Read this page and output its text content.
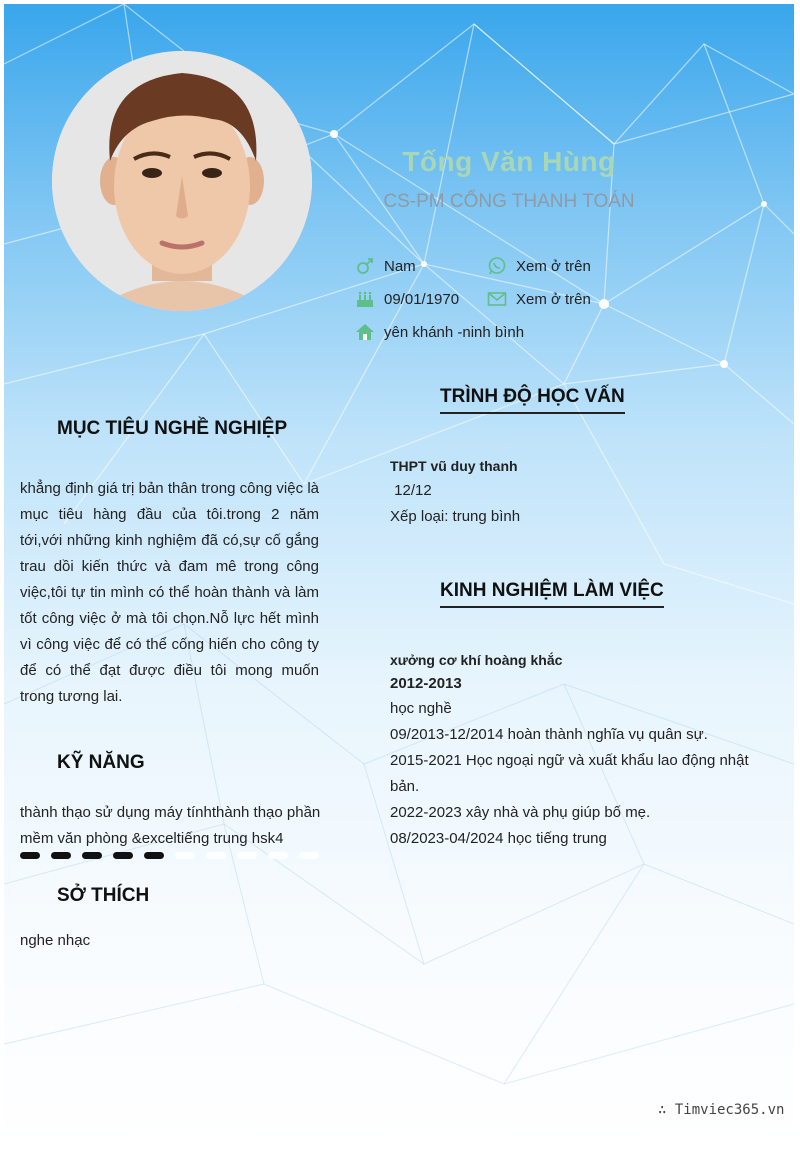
Tống Văn Hùng
CS-PM CỔNG THANH TOÁN
Nam	Xem ở trên
09/01/1970	Xem ở trên
yên khánh -ninh bình
MỤC TIÊU NGHỀ NGHIỆP
khẳng định giá trị bản thân trong công việc là mục tiêu hàng đầu của tôi.trong 2 năm tới,với những kinh nghiệm đã có,sự cố gắng trau dồi kiến thức và đam mê trong công việc,tôi tự tin mình có thể hoàn thành và làm tốt công việc ở mà tôi chọn.Nỗ lực hết mình vì công việc để có thể cống hiến cho công ty để có thể đạt được điều tôi mong muốn trong tương lai.
KỸ NĂNG
thành thạo sử dụng máy tínhthành thạo phần mềm văn phòng &exceltiếng trung hsk4
SỞ THÍCH
nghe nhạc
TRÌNH ĐỘ HỌC VẤN
THPT vũ duy thanh
12/12
Xếp loại: trung bình
KINH NGHIỆM LÀM VIỆC
xưởng cơ khí hoàng khắc
2012-2013
học nghề
09/2013-12/2014 hoàn thành nghĩa vụ quân sự.
2015-2021 Học ngoại ngữ và xuất khẩu lao động nhật bản.
2022-2023 xây nhà và phụ giúp bố mẹ.
08/2023-04/2024 học tiếng trung
∴ Timviec365.vn
